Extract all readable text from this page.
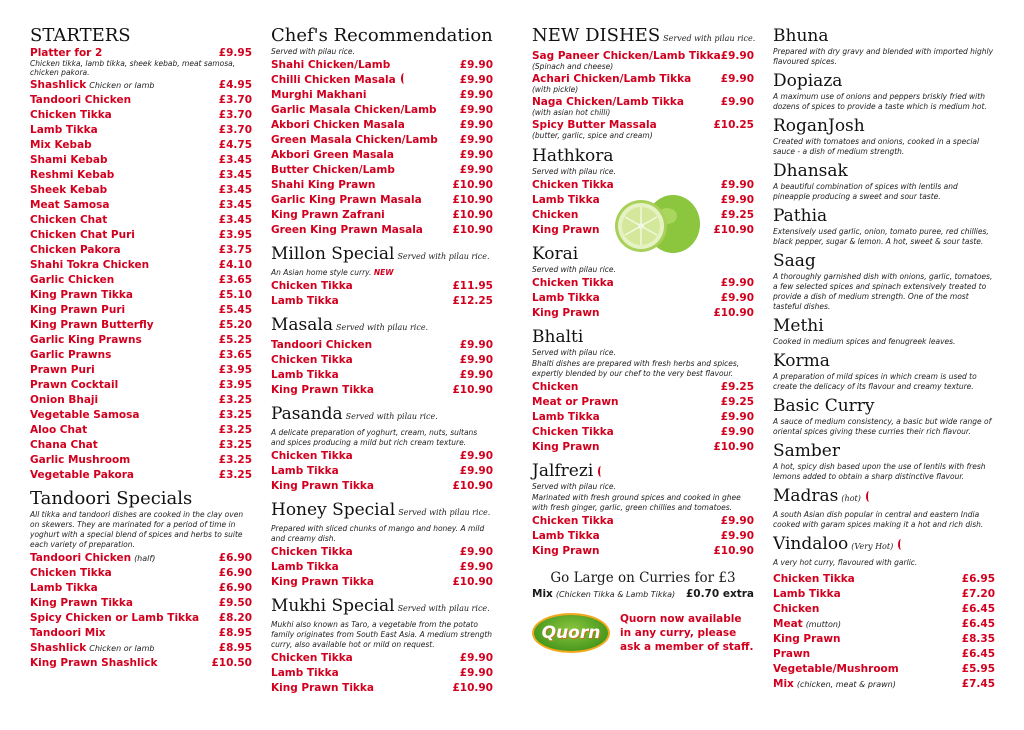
STARTERS
Platter for 2	£9.95
Chicken tikka, lamb tikka, sheek kebab, meat samosa, chicken pakora.
Shashlick Chicken or lamb	£4.95
Tandoori Chicken	£3.70
Chicken Tikka	£3.70
Lamb Tikka	£3.70
Mix Kebab	£4.75
Shami Kebab	£3.45
Reshmi Kebab	£3.45
Sheek Kebab	£3.45
Meat Samosa	£3.45
Chicken Chat	£3.45
Chicken Chat Puri	£3.95
Chicken Pakora	£3.75
Shahi Tokra Chicken	£4.10
Garlic Chicken	£3.65
King Prawn Tikka	£5.10
King Prawn Puri	£5.45
King Prawn Butterfly	£5.20
Garlic King Prawns	£5.25
Garlic Prawns	£3.65
Prawn Puri	£3.95
Prawn Cocktail	£3.95
Onion Bhaji	£3.25
Vegetable Samosa	£3.25
Aloo Chat	£3.25
Chana Chat	£3.25
Garlic Mushroom	£3.25
Vegetable Pakora	£3.25
Tandoori Specials
All tikka and tandoori dishes are cooked in the clay oven on skewers. They are marinated for a period of time in yoghurt with a special blend of spices and herbs to suite each variety of preparation.
Tandoori Chicken (half)	£6.90
Chicken Tikka	£6.90
Lamb Tikka	£6.90
King Prawn Tikka	£9.50
Spicy Chicken or Lamb Tikka £8.20
Tandoori Mix	£8.95
Shashlick Chicken or lamb	£8.95
King Prawn Shashlick	£10.50
Chef's Recommendation
Served with pilau rice.
Shahi Chicken/Lamb	£9.90
Chilli Chicken Masala	£9.90
Murghi Makhani	£9.90
Garlic Masala Chicken/Lamb £9.90
Akbori Chicken Masala	£9.90
Green Masala Chicken/Lamb £9.90
Akbori Green Masala	£9.90
Butter Chicken/Lamb	£9.90
Shahi King Prawn	£10.90
Garlic King Prawn Masala	£10.90
King Prawn Zafrani	£10.90
Green King Prawn Masala	£10.90
Millon Special Served with pilau rice.
An Asian home style curry. NEW
Chicken Tikka	£11.95
Lamb Tikka	£12.25
Masala Served with pilau rice.
Tandoori Chicken	£9.90
Chicken Tikka	£9.90
Lamb Tikka	£9.90
King Prawn Tikka	£10.90
Pasanda Served with pilau rice.
A delicate preparation of yoghurt, cream, nuts, sultans and spices producing a mild but rich cream texture.
Chicken Tikka	£9.90
Lamb Tikka	£9.90
King Prawn Tikka	£10.90
Honey Special Served with pilau rice.
Prepared with sliced chunks of mango and honey. A mild and creamy dish.
Chicken Tikka	£9.90
Lamb Tikka	£9.90
King Prawn Tikka	£10.90
Mukhi Special Served with pilau rice.
Mukhi also known as Taro, a vegetable from the potato family originates from South East Asia. A medium strength curry, also available hot or mild on request.
Chicken Tikka	£9.90
Lamb Tikka	£9.90
King Prawn Tikka	£10.90
NEW DISHES Served with pilau rice.
Sag Paneer Chicken/Lamb Tikka £9.90
(Spinach and cheese)
Achari Chicken/Lamb Tikka	£9.90
(with pickle)
Naga Chicken/Lamb Tikka	£9.90
(with asian hot chilli)
Spicy Butter Massala	£10.25
(butter, garlic, spice and cream)
Hathkora
Served with pilau rice.
Chicken Tikka	£9.90
Lamb Tikka	£9.90
Chicken	£9.25
King Prawn	£10.90
Korai
Served with pilau rice.
Chicken Tikka	£9.90
Lamb Tikka	£9.90
King Prawn	£10.90
Bhalti
Served with pilau rice.
Bhalti dishes are prepared with fresh herbs and spices, expertly blended by our chef to the very best flavour.
Chicken	£9.25
Meat or Prawn	£9.25
Lamb Tikka	£9.90
Chicken Tikka	£9.90
King Prawn	£10.90
Jalfrezi
Served with pilau rice.
Marinated with fresh ground spices and cooked in ghee with fresh ginger, garlic, green chillies and tomatoes.
Chicken Tikka	£9.90
Lamb Tikka	£9.90
King Prawn	£10.90
Go Large on Curries for £3
Mix (Chicken Tikka & Lamb Tikka) £0.70 extra
Quorn
Quorn now available
in any curry, please
ask a member of staff.
Bhuna
Prepared with dry gravy and blended with imported highly flavoured spices.
Dopiaza
A maximum use of onions and peppers briskly fried with dozens of spices to provide a taste which is medium hot.
RoganJosh
Created with tomatoes and onions, cooked in a special sauce - a dish of medium strength.
Dhansak
A beautiful combination of spices with lentils and pineapple producing a sweet and sour taste.
Pathia
Extensively used garlic, onion, tomato puree, red chillies, black pepper, sugar & lemon. A hot, sweet & sour taste.
Saag
A thoroughly garnished dish with onions, garlic, tomatoes, a few selected spices and spinach extensively treated to provide a dish of medium strength. One of the most tasteful dishes.
Methi
Cooked in medium spices and fenugreek leaves.
Korma
A preparation of mild spices in which cream is used to create the delicacy of its flavour and creamy texture.
Basic Curry
A sauce of medium consistency, a basic but wide range of oriental spices giving these curries their rich flavour.
Samber
A hot, spicy dish based upon the use of lentils with fresh lemons added to obtain a sharp distinctive flavour.
Madras (hot)
A south Asian dish popular in central and eastern India cooked with garam spices making it a hot and rich dish.
Vindaloo (Very Hot)
A very hot curry, flavoured with garlic.
Chicken Tikka	£6.95
Lamb Tikka	£7.20
Chicken	£6.45
Meat (mutton)	£6.45
King Prawn	£8.35
Prawn	£6.45
Vegetable/Mushroom	£5.95
Mix (chicken, meat & prawn)	£7.45
